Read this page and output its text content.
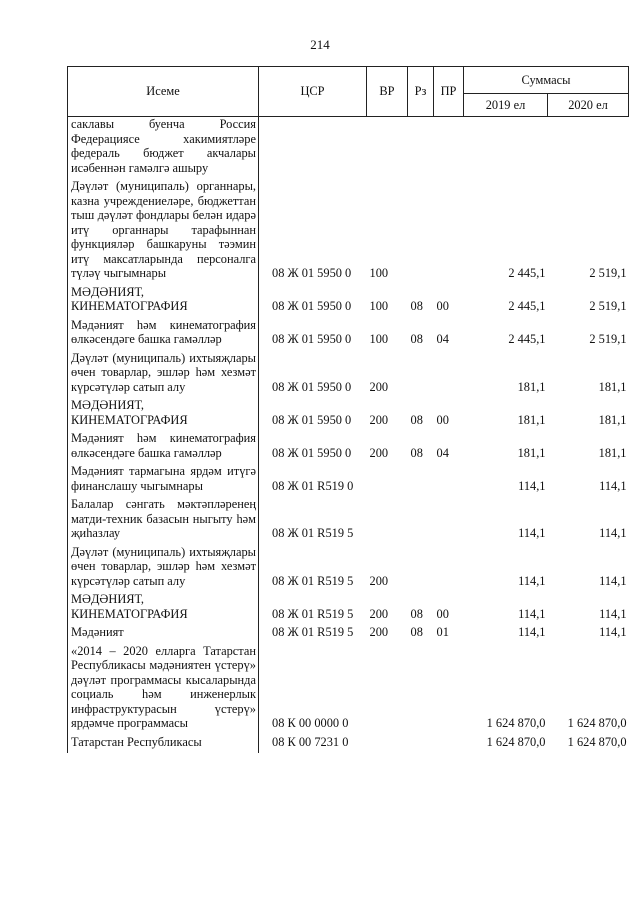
214
Исеме	ЦСР	ВР	Рз	ПР	Суммасы	
					2019 ел	2020 ел
саклавы буенча Россия Федерациясе хакимиятләре федераль бюджет акчалары исәбеннән гамәлгә ашыру						

Дәүләт (муниципаль) органнары, казна учреждениеләре, бюджеттан тыш дәүләт фондлары белән идарә итү органнары тарафыннан функцияләр башкаруны тәэмин итү максатларында персоналга түләү чыгымнары	08 Ж 01 5950 0	100			2 445,1	2 519,1

МӘДӘНИЯТ, КИНЕМАТОГРАФИЯ	08 Ж 01 5950 0	100	08	00	2 445,1	2 519,1

Мәдәният һәм кинематография өлкәсендәге башка гамәлләр	08 Ж 01 5950 0	100	08	04	2 445,1	2 519,1

Дәүләт (муниципаль) ихтыяҗлары өчен товарлар, эшләр һәм хезмәт күрсәтүләр сатып алу	08 Ж 01 5950 0	200			181,1	181,1

МӘДӘНИЯТ, КИНЕМАТОГРАФИЯ	08 Ж 01 5950 0	200	08	00	181,1	181,1

Мәдәният һәм кинематография өлкәсендәге башка гамәлләр	08 Ж 01 5950 0	200	08	04	181,1	181,1

Мәдәният тармагына ярдәм итүгә финанслашу чыгымнары	08 Ж 01 R519 0				114,1	114,1

Балалар сәнгать мәктәпләренең матди-техник базасын ныгыту һәм җиһазлау	08 Ж 01 R519 5				114,1	114,1

Дәүләт (муниципаль) ихтыяҗлары өчен товарлар, эшләр һәм хезмәт күрсәтүләр сатып алу	08 Ж 01 R519 5	200			114,1	114,1

МӘДӘНИЯТ, КИНЕМАТОГРАФИЯ	08 Ж 01 R519 5	200	08	00	114,1	114,1

Мәдәният	08 Ж 01 R519 5	200	08	01	114,1	114,1

«2014 – 2020 елларга Татарстан Республикасы мәдәниятен үстерү» дәүләт программасы кысаларында социаль һәм инженерлык инфраструктурасын үстерү» ярдәмче программасы	08 К 00 0000 0				1 624 870,0	1 624 870,0

Татарстан Республикасы	08 К 00 7231 0				1 624 870,0	1 624 870,0
